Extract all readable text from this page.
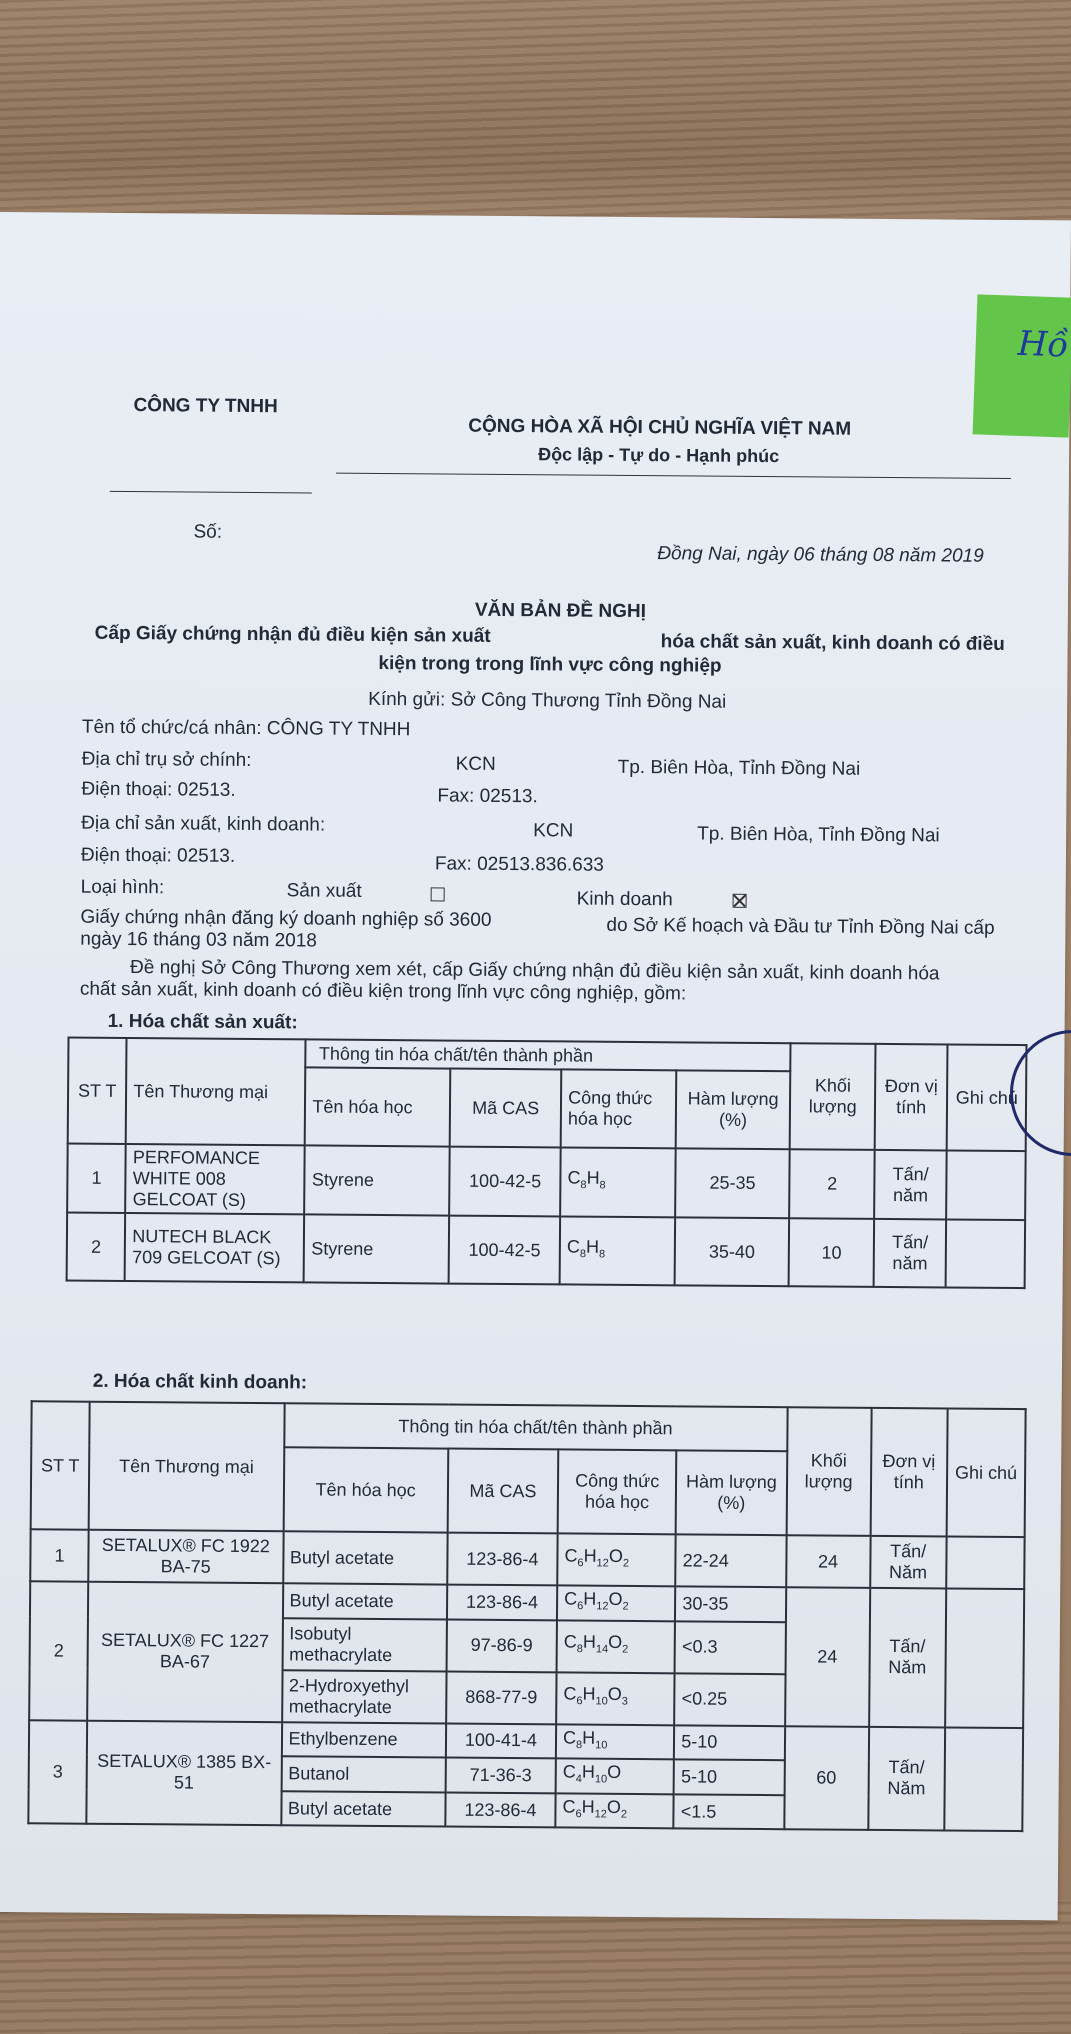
CÔNG TY TNHH
CỘNG HÒA XÃ HỘI CHỦ NGHĨA VIỆT NAM
Độc lập - Tự do - Hạnh phúc
Số:
Đồng Nai, ngày 06 tháng 08 năm 2019
VĂN BẢN ĐỀ NGHỊ
Cấp Giấy chứng nhận đủ điều kiện sản xuất	hóa chất sản xuất, kinh doanh có điều
kiện trong trong lĩnh vực công nghiệp
Kính gửi: Sở Công Thương Tỉnh Đồng Nai
Tên tổ chức/cá nhân: CÔNG TY TNHH
Địa chỉ trụ sở chính:	KCN	Tp. Biên Hòa, Tỉnh Đồng Nai
Điện thoại: 02513.	Fax: 02513.
Địa chỉ sản xuất, kinh doanh:	KCN	Tp. Biên Hòa, Tỉnh Đồng Nai
Điện thoại: 02513.	Fax: 02513.836.633
Loại hình:	Sản xuất	Kinh doanh
Giấy chứng nhận đăng ký doanh nghiệp số 3600	do Sở Kế hoạch và Đầu tư Tỉnh Đồng Nai cấp
ngày 16 tháng 03 năm 2018
Đề nghị Sở Công Thương xem xét, cấp Giấy chứng nhận đủ điều kiện sản xuất, kinh doanh hóa
chất sản xuất, kinh doanh có điều kiện trong lĩnh vực công nghiệp, gồm:
1. Hóa chất sản xuất:
ST T	Tên Thương mại	Thông tin hóa chất/tên thành phần				Khối lượng	Đơn vị tính	Ghi chú
		Tên hóa học	Mã CAS	Công thức hóa học	Hàm lượng (%)			
1	PERFOMANCE WHITE 008 GELCOAT (S)	Styrene	100-42-5	$C_8H_8$	25-35	2	Tấn/ năm	
2	NUTECH BLACK 709 GELCOAT (S)	Styrene	100-42-5	$C_8H_8$	35-40	10	Tấn/ năm	
2. Hóa chất kinh doanh:
ST T	Tên Thương mại	Thông tin hóa chất/tên thành phần				Khối lượng	Đơn vị tính	Ghi chú
		Tên hóa học	Mã CAS	Công thức hóa học	Hàm lượng (%)			
1	SETALUX® FC 1922 BA-75	Butyl acetate	123-86-4	$C_6H_{12}O_2$	22-24	24	Tấn/ Năm	
2	SETALUX® FC 1227 BA-67	Butyl acetate	123-86-4	$C_6H_{12}O_2$	30-35	24	Tấn/ Năm	
		Isobutyl methacrylate	97-86-9	$C_8H_{14}O_2$	<0.3			
		2-Hydroxyethyl methacrylate	868-77-9	$C_6H_{10}O_3$	<0.25			
3	SETALUX® 1385 BX-51	Ethylbenzene	100-41-4	$C_8H_{10}$	5-10	60	Tấn/ Năm	
		Butanol	71-36-3	$C_4H_{10}O$	5-10			
		Butyl acetate	123-86-4	$C_6H_{12}O_2$	<1.5			
Hồ
